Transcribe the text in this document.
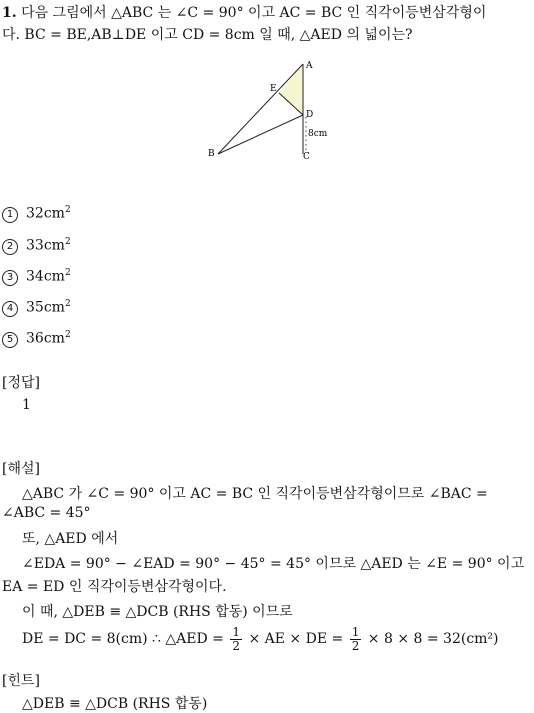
1. 다음 그림에서 △ABC 는 ∠C = 90° 이고 AC = BC 인 직각이등변삼각형이
다. BC = BE,AB⊥DE 이고 CD = 8cm 일 때, △AED 의 넓이는?
A
E
D
B	C
8cm
1 $32cm^2$
2 $33cm^2$
3 $34cm^2$
4 $35cm^2$
5 $36cm^2$
[정답]
1
[해설]
△ABC 가 ∠C = 90° 이고 AC = BC 인 직각이등변삼각형이므로 ∠BAC =
∠ABC = 45°
또, △AED 에서
∠EDA = 90° − ∠EAD = 90° − 45° = 45° 이므로 △AED 는 ∠E = 90° 이고
EA = ED 인 직각이등변삼각형이다.
이 때, △DEB ≡ △DCB (RHS 합동) 이므로
DE = DC = 8(cm) ∴ △AED = $\frac{1}{2}$ × AE × DE = $\frac{1}{2} \times 8 \times 8 = 32(cm^2)$
[힌트]
△DEB ≡ △DCB (RHS 합동)
